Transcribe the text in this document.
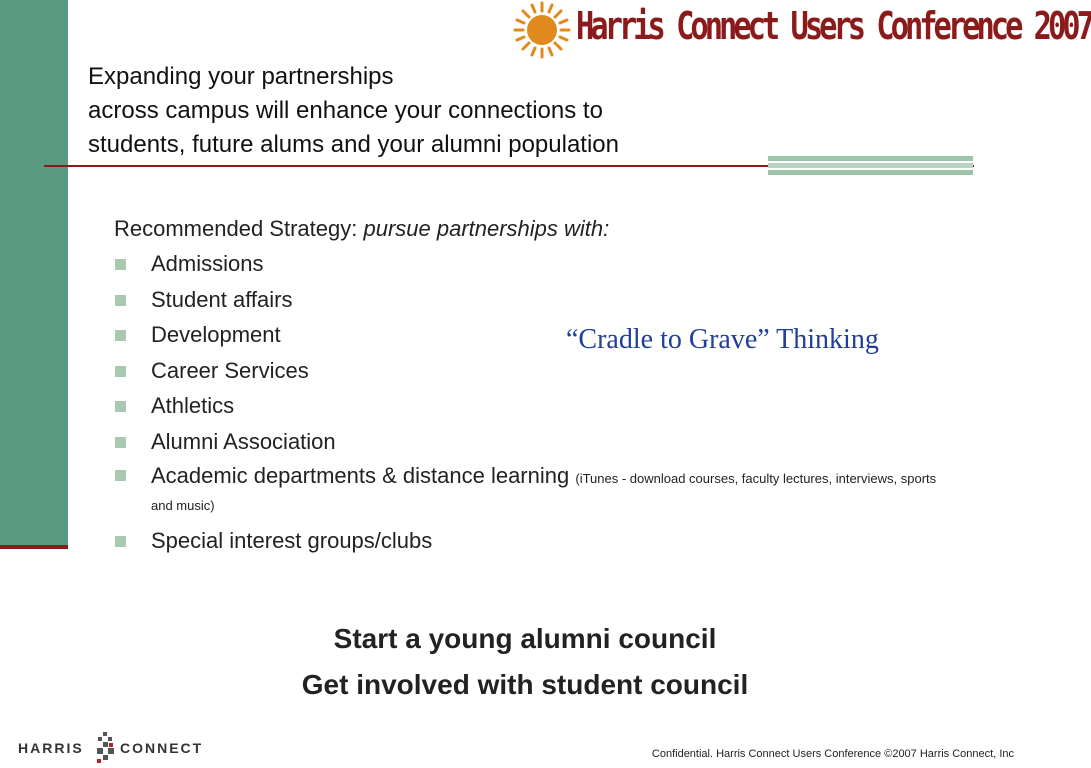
Harris Connect Users Conference 2007
Expanding your partnerships
across campus will enhance your connections to
students, future alums and your alumni population
Recommended Strategy: pursue partnerships with:
Admissions
Student affairs
Development
Career Services
Athletics
Alumni Association
Academic departments & distance learning (iTunes - download courses, faculty lectures, interviews, sports and music)
Special interest groups/clubs
“Cradle to Grave” Thinking
Start a young alumni council
Get involved with student council
HARRIS	CONNECT	Confidential. Harris Connect Users Conference ©2007 Harris Connect, Inc
